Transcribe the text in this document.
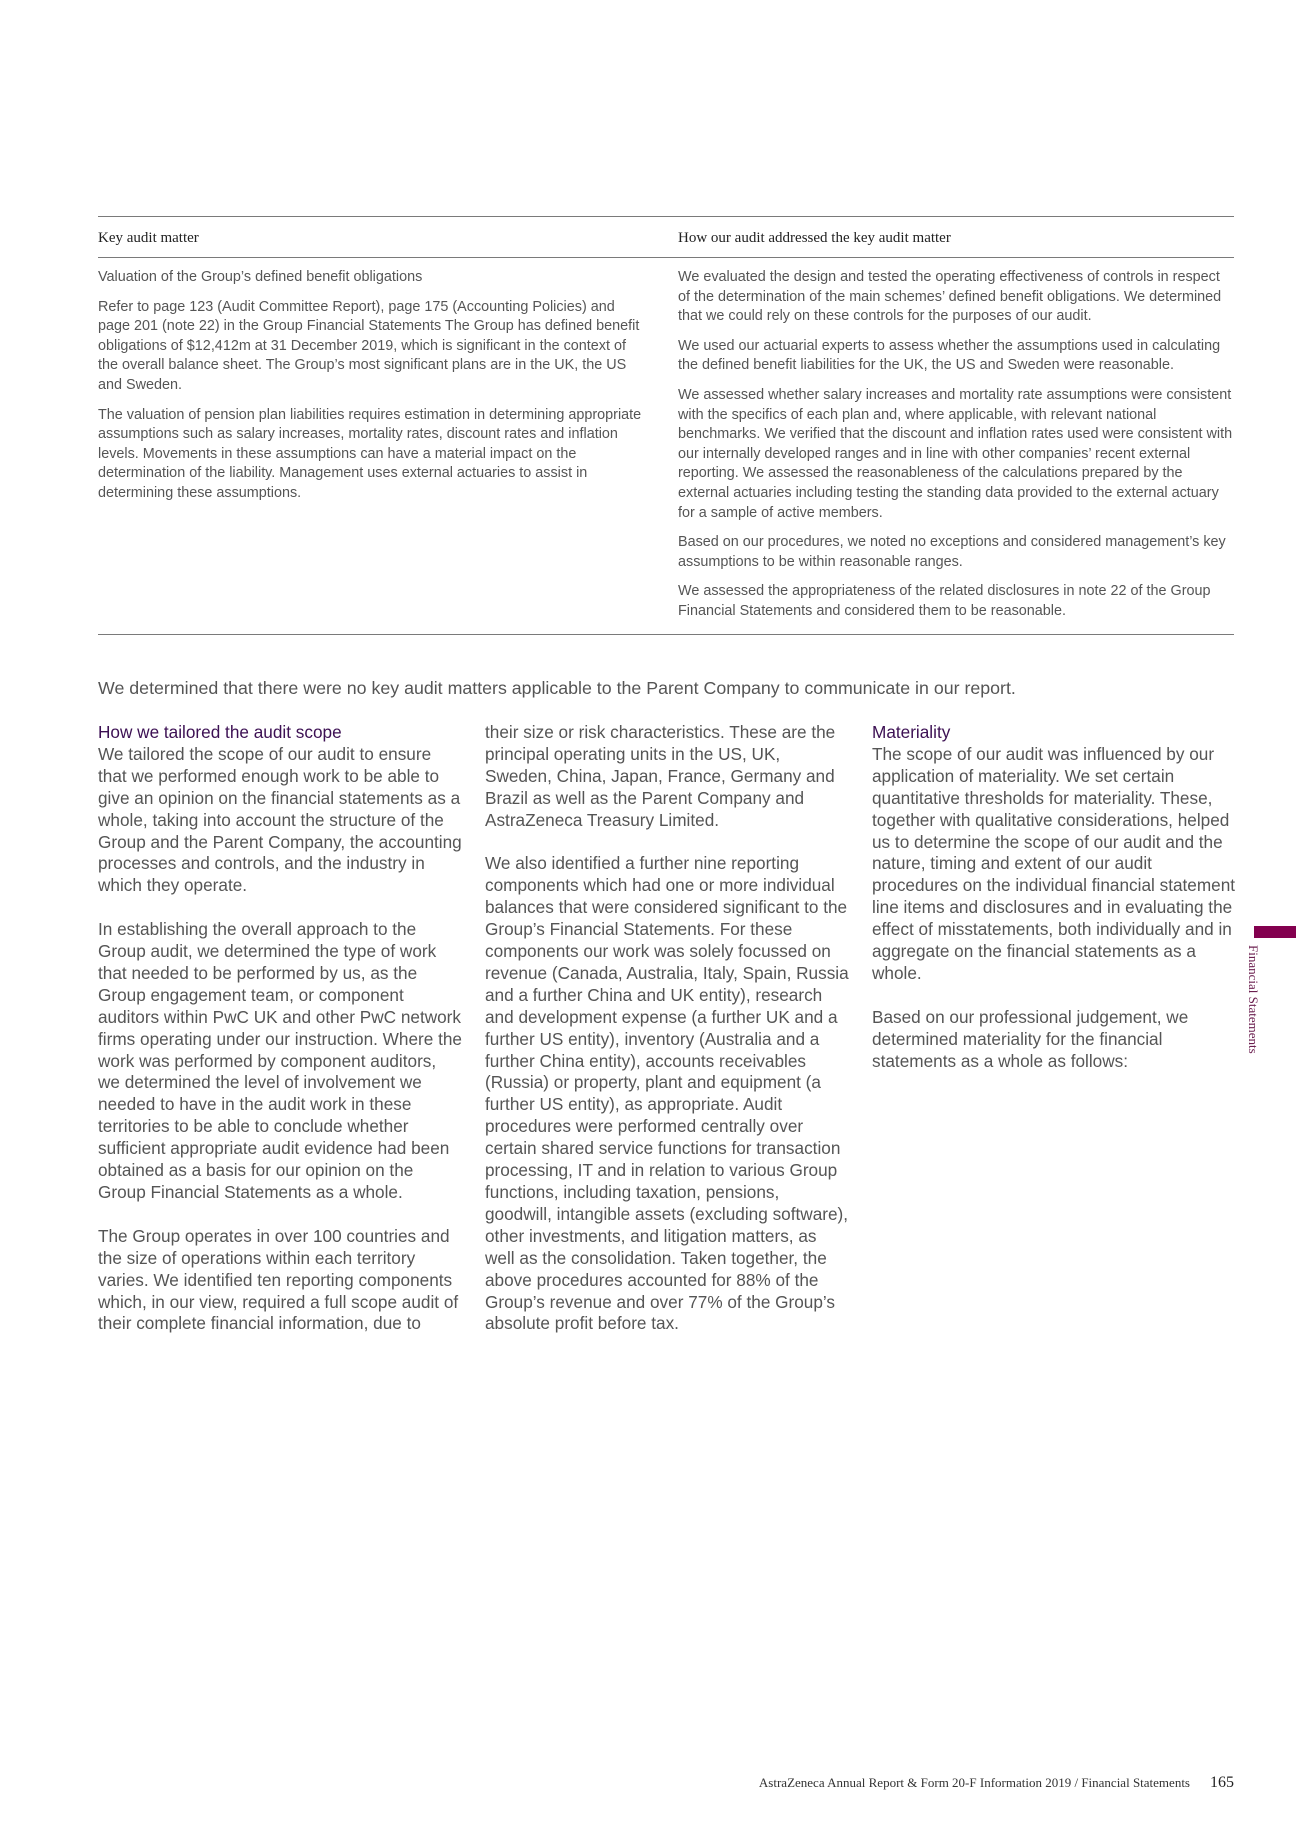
Key audit matter	How our audit addressed the key audit matter

Valuation of the Group’s defined benefit obligations

Refer to page 123 (Audit Committee Report), page 175 (Accounting Policies) and page 201 (note 22) in the Group Financial Statements The Group has defined benefit obligations of $12,412m at 31 December 2019, which is significant in the context of the overall balance sheet. The Group’s most significant plans are in the UK, the US and Sweden.

The valuation of pension plan liabilities requires estimation in determining appropriate assumptions such as salary increases, mortality rates, discount rates and inflation levels. Movements in these assumptions can have a material impact on the determination of the liability. Management uses external actuaries to assist in determining these assumptions.

We evaluated the design and tested the operating effectiveness of controls in respect of the determination of the main schemes’ defined benefit obligations. We determined that we could rely on these controls for the purposes of our audit.

We used our actuarial experts to assess whether the assumptions used in calculating the defined benefit liabilities for the UK, the US and Sweden were reasonable.

We assessed whether salary increases and mortality rate assumptions were consistent with the specifics of each plan and, where applicable, with relevant national benchmarks. We verified that the discount and inflation rates used were consistent with our internally developed ranges and in line with other companies’ recent external reporting. We assessed the reasonableness of the calculations prepared by the external actuaries including testing the standing data provided to the external actuary for a sample of active members.

Based on our procedures, we noted no exceptions and considered management’s key assumptions to be within reasonable ranges.

We assessed the appropriateness of the related disclosures in note 22 of the Group Financial Statements and considered them to be reasonable.

We determined that there were no key audit matters applicable to the Parent Company to communicate in our report.

How we tailored the audit scope

We tailored the scope of our audit to ensure that we performed enough work to be able to give an opinion on the financial statements as a whole, taking into account the structure of the Group and the Parent Company, the accounting processes and controls, and the industry in which they operate.

In establishing the overall approach to the Group audit, we determined the type of work that needed to be performed by us, as the Group engagement team, or component auditors within PwC UK and other PwC network firms operating under our instruction. Where the work was performed by component auditors, we determined the level of involvement we needed to have in the audit work in these territories to be able to conclude whether sufficient appropriate audit evidence had been obtained as a basis for our opinion on the Group Financial Statements as a whole.

The Group operates in over 100 countries and the size of operations within each territory varies. We identified ten reporting components which, in our view, required a full scope audit of their complete financial information, due to

their size or risk characteristics. These are the principal operating units in the US, UK, Sweden, China, Japan, France, Germany and Brazil as well as the Parent Company and AstraZeneca Treasury Limited.

We also identified a further nine reporting components which had one or more individual balances that were considered significant to the Group’s Financial Statements. For these components our work was solely focussed on revenue (Canada, Australia, Italy, Spain, Russia and a further China and UK entity), research and development expense (a further UK and a further US entity), inventory (Australia and a further China entity), accounts receivables (Russia) or property, plant and equipment (a further US entity), as appropriate. Audit procedures were performed centrally over certain shared service functions for transaction processing, IT and in relation to various Group functions, including taxation, pensions, goodwill, intangible assets (excluding software), other investments, and litigation matters, as well as the consolidation. Taken together, the above procedures accounted for 88% of the Group’s revenue and over 77% of the Group’s absolute profit before tax.

Materiality

The scope of our audit was influenced by our application of materiality. We set certain quantitative thresholds for materiality. These, together with qualitative considerations, helped us to determine the scope of our audit and the nature, timing and extent of our audit procedures on the individual financial statement line items and disclosures and in evaluating the effect of misstatements, both individually and in aggregate on the financial statements as a whole.

Based on our professional judgement, we determined materiality for the financial statements as a whole as follows:

Financial Statements
AstraZeneca Annual Report & Form 20-F Information 2019 / Financial Statements 165
